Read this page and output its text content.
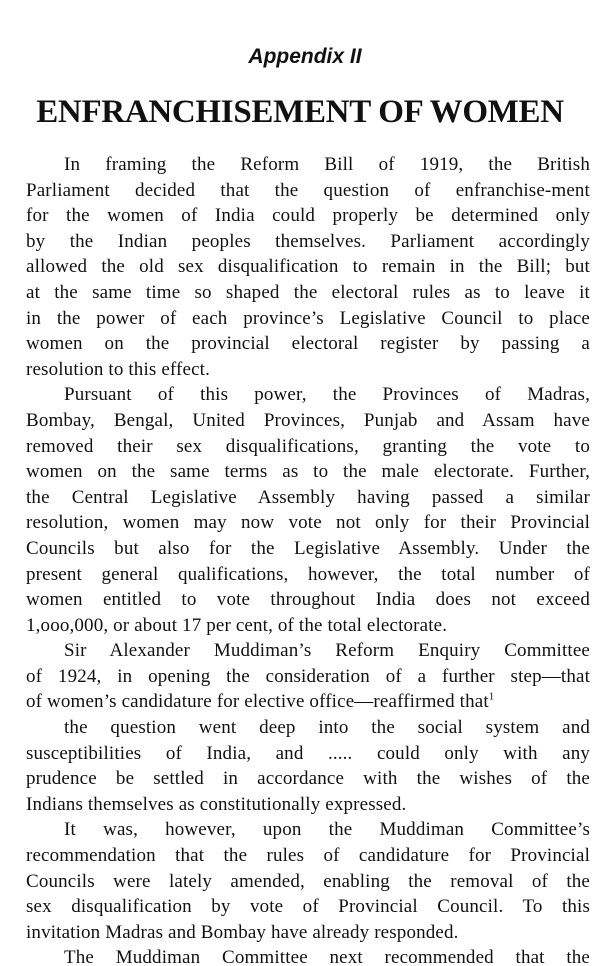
Appendix II
ENFRANCHISEMENT OF WOMEN
In framing the Reform Bill of 1919, the British
Parliament decided that the question of enfranchise-ment
for the women of India could properly be determined only
by the Indian peoples themselves. Parliament accordingly
allowed the old sex disqualification to remain in the Bill; but
at the same time so shaped the electoral rules as to leave it
in the power of each province’s Legislative Council to place
women on the provincial electoral register by passing a
resolution to this effect.
Pursuant of this power, the Provinces of Madras,
Bombay, Bengal, United Provinces, Punjab and Assam have
removed their sex disqualifications, granting the vote to
women on the same terms as to the male electorate. Further,
the Central Legislative Assembly having passed a similar
resolution, women may now vote not only for their Provincial
Councils but also for the Legislative Assembly. Under the
present general qualifications, however, the total number of
women entitled to vote throughout India does not exceed
1,ooo,000, or about 17 per cent, of the total electorate.
Sir Alexander Muddiman’s Reform Enquiry Committee
of 1924, in opening the consideration of a further step—that
of women’s candidature for elective office—reaffirmed that$^1$
the question went deep into the social system and
susceptibilities of India, and ..... could only with any
prudence be settled in accordance with the wishes of the
Indians themselves as constitutionally expressed.
It was, however, upon the Muddiman Committee’s
recommendation that the rules of candidature for Provincial
Councils were lately amended, enabling the removal of the
sex disqualification by vote of Provincial Council. To this
invitation Madras and Bombay have already responded.
The Muddiman Committee next recommended that the
